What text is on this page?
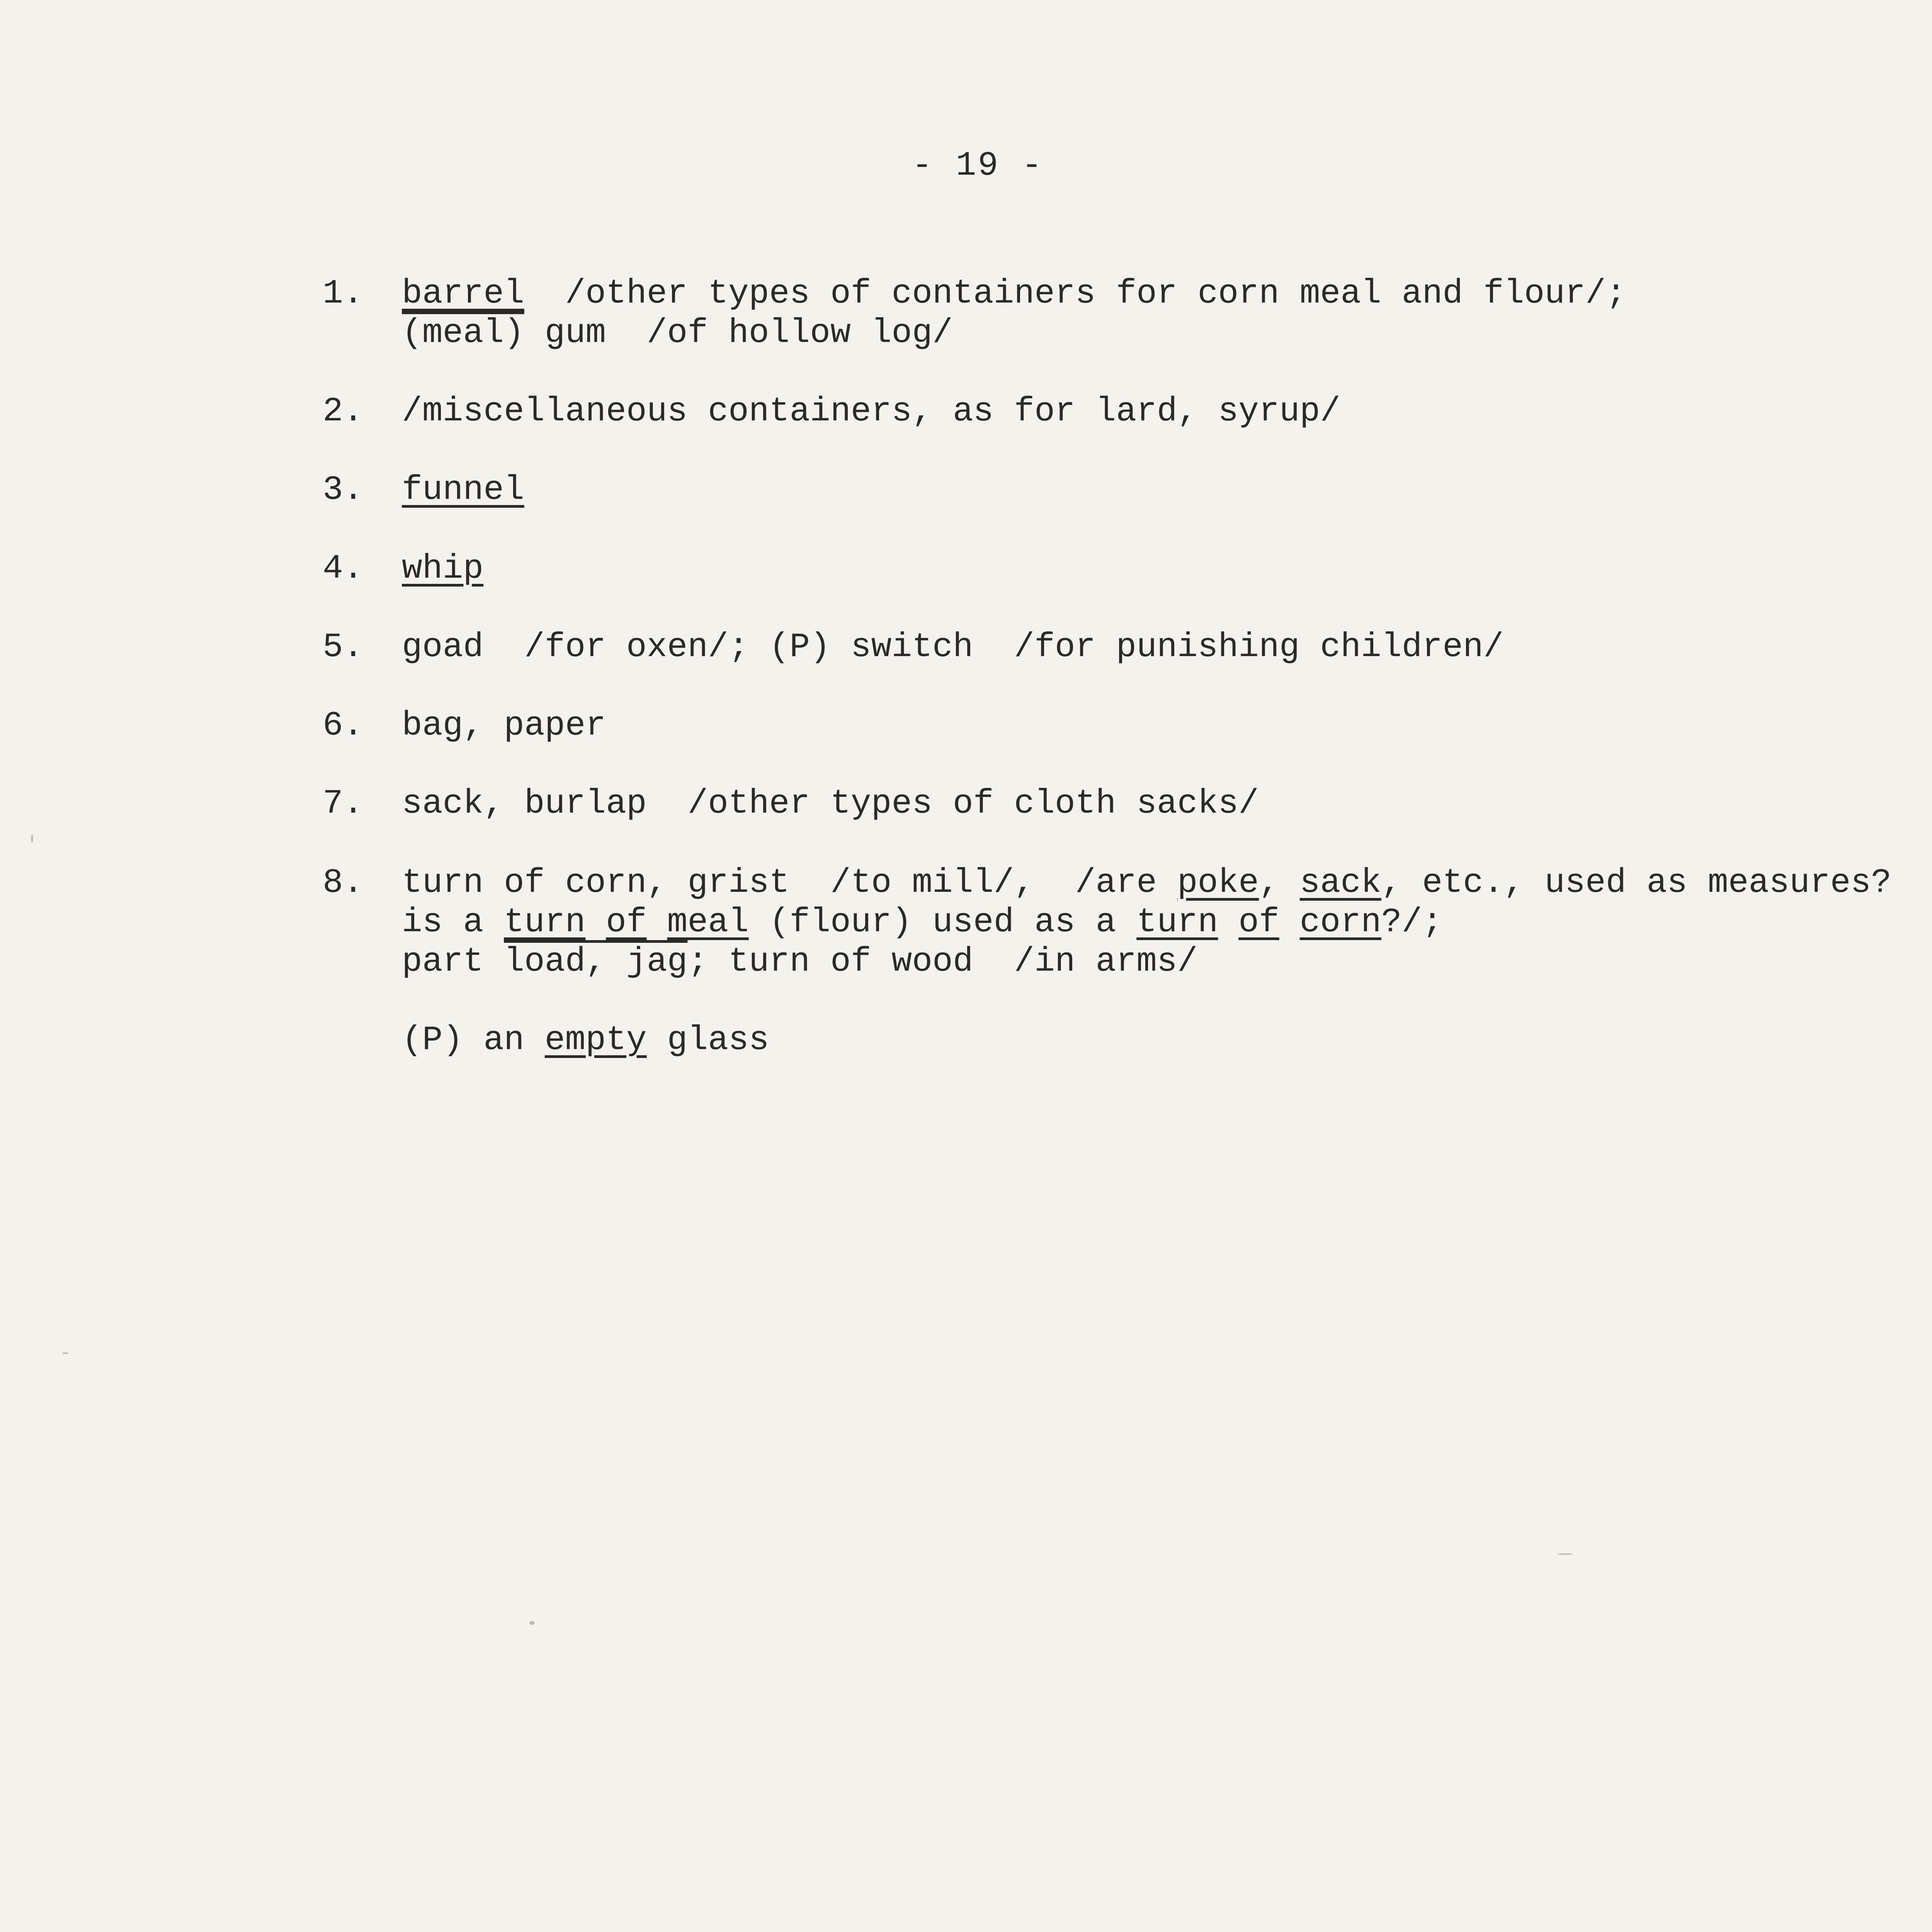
- 19 -
1. barrel  /other types of containers for corn meal and flour/;
(meal) gum  /of hollow log/
2. /miscellaneous containers, as for lard, syrup/
3. funnel
4. whip
5. goad  /for oxen/; (P) switch  /for punishing children/
6. bag, paper
7. sack, burlap  /other types of cloth sacks/
8. turn of corn, grist  /to mill/,  /are poke, sack, etc., used as measures?
is a turn of meal (flour) used as a turn of corn?/;
part load, jag; turn of wood  /in arms/
(P) an empty glass
